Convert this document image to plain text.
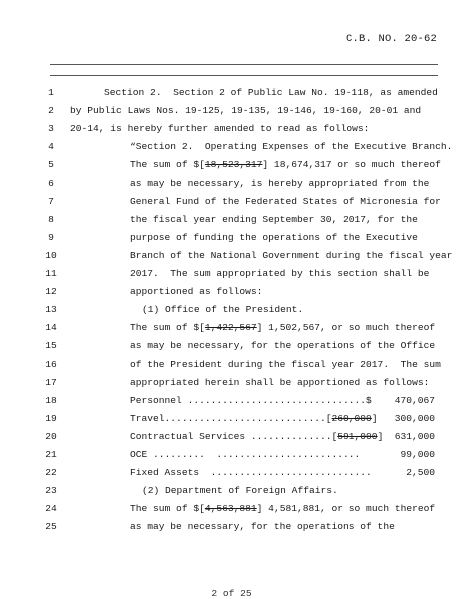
C.B. NO. 20-62
1	Section 2.  Section 2 of Public Law No. 19-118, as amended
2	by Public Laws Nos. 19-125, 19-135, 19-146, 19-160, 20-01 and
3	20-14, is hereby further amended to read as follows:
4	“Section 2.  Operating Expenses of the Executive Branch.
5	The sum of $[18,523,317] 18,674,317 or so much thereof
6	as may be necessary, is hereby appropriated from the
7	General Fund of the Federated States of Micronesia for
8	the fiscal year ending September 30, 2017, for the
9	purpose of funding the operations of the Executive
10	Branch of the National Government during the fiscal year
11	2017.  The sum appropriated by this section shall be
12	apportioned as follows:
13	(1) Office of the President.
14	The sum of $[1,422,567] 1,502,567, or so much thereof
15	as may be necessary, for the operations of the Office
16	of the President during the fiscal year 2017.  The sum
17	appropriated herein shall be apportioned as follows:
18	Personnel ...............................$ 470,067
19	Travel............................[260,000] 300,000
20	Contractual Services ..............[591,000] 631,000
21	OCE .........  .........................	99,000
22	Fixed Assets  ............................	2,500
23	(2) Department of Foreign Affairs.
24	The sum of $[4,563,881] 4,581,881, or so much thereof
25	as may be necessary, for the operations of the
2 of 25
